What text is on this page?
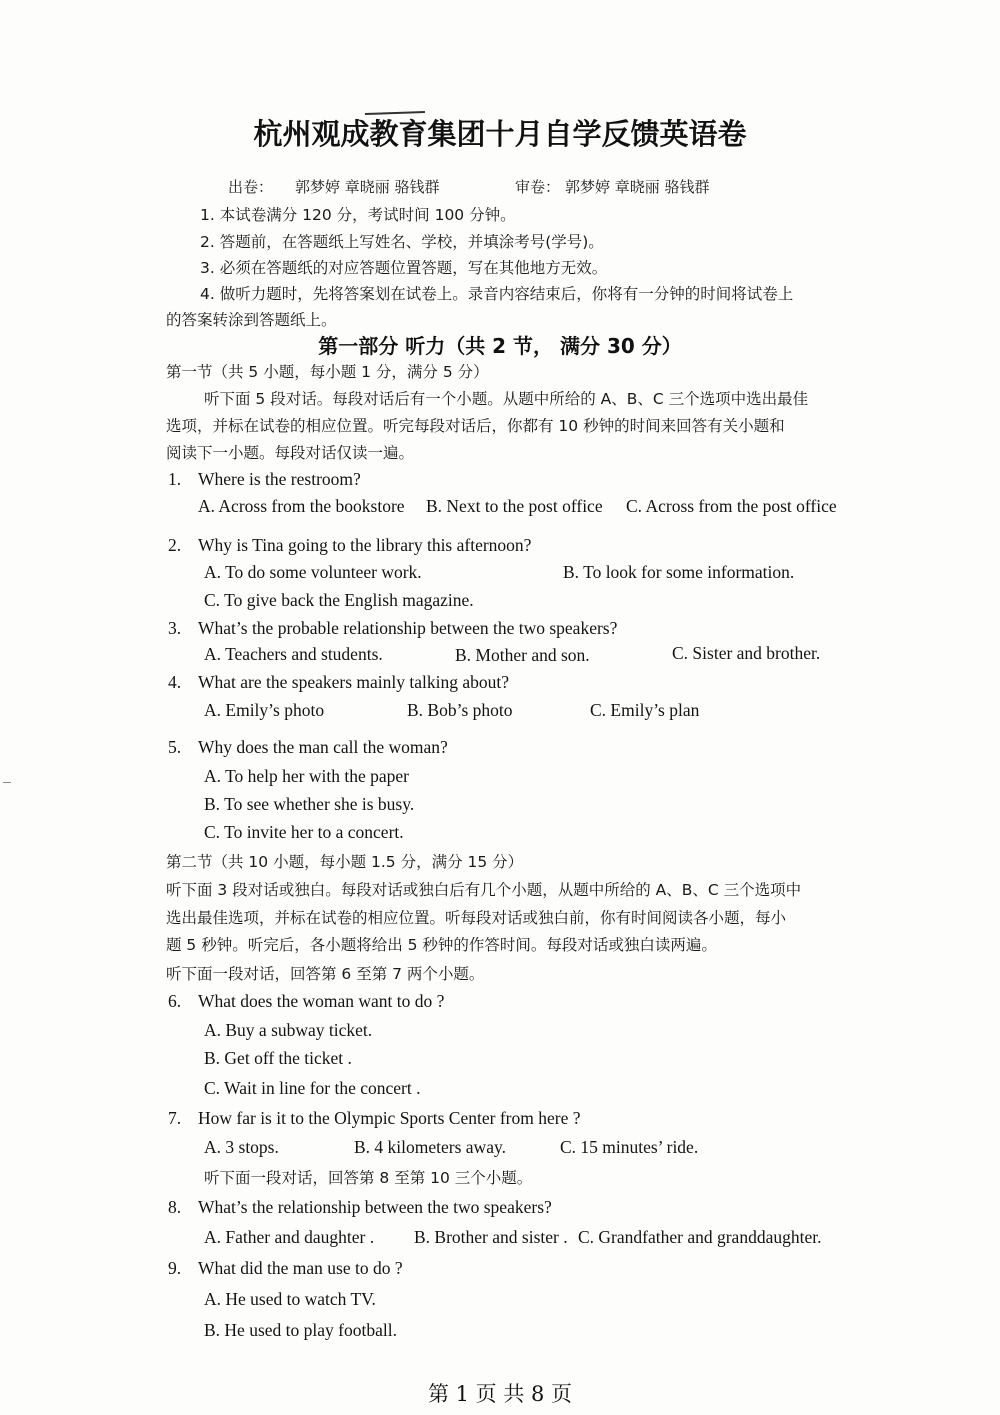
杭州观成教育集团十月自学反馈英语卷
出卷： 郭梦婷 章晓丽 骆钱群	审卷： 郭梦婷 章晓丽 骆钱群
1. 本试卷满分 120 分，考试时间 100 分钟。
2. 答题前，在答题纸上写姓名、学校，并填涂考号(学号)。
3. 必须在答题纸的对应答题位置答题，写在其他地方无效。
4. 做听力题时，先将答案划在试卷上。录音内容结束后，你将有一分钟的时间将试卷上
的答案转涂到答题纸上。
第一部分 听力（共 2 节， 满分 30 分）
第一节（共 5 小题，每小题 1 分，满分 5 分）
听下面 5 段对话。每段对话后有一个小题。从题中所给的 A、B、C 三个选项中选出最佳
选项，并标在试卷的相应位置。听完每段对话后，你都有 10 秒钟的时间来回答有关小题和
阅读下一小题。每段对话仅读一遍。
1. Where is the restroom?
A. Across from the bookstore B. Next to the post office C. Across from the post office
2. Why is Tina going to the library this afternoon?
A. To do some volunteer work.	B. To look for some information.
C. To give back the English magazine.
3. What’s the probable relationship between the two speakers?
A. Teachers and students.	B. Mother and son.	C. Sister and brother.
4. What are the speakers mainly talking about?
A. Emily’s photo	B. Bob’s photo	C. Emily’s plan
5. Why does the man call the woman?
A. To help her with the paper
B. To see whether she is busy.
C. To invite her to a concert.
第二节（共 10 小题，每小题 1.5 分，满分 15 分）
听下面 3 段对话或独白。每段对话或独白后有几个小题，从题中所给的 A、B、C 三个选项中
选出最佳选项，并标在试卷的相应位置。听每段对话或独白前，你有时间阅读各小题，每小
题 5 秒钟。听完后，各小题将给出 5 秒钟的作答时间。每段对话或独白读两遍。
听下面一段对话，回答第 6 至第 7 两个小题。
6. What does the woman want to do ?
A. Buy a subway ticket.
B. Get off the ticket .
C. Wait in line for the concert .
7. How far is it to the Olympic Sports Center from here ?
A. 3 stops.	B. 4 kilometers away.	C. 15 minutes’ ride.
听下面一段对话，回答第 8 至第 10 三个小题。
8. What’s the relationship between the two speakers?
A. Father and daughter . B. Brother and sister . C. Grandfather and granddaughter.
9. What did the man use to do ?
A. He used to watch TV.
B. He used to play football.
第 1 页 共 8 页
